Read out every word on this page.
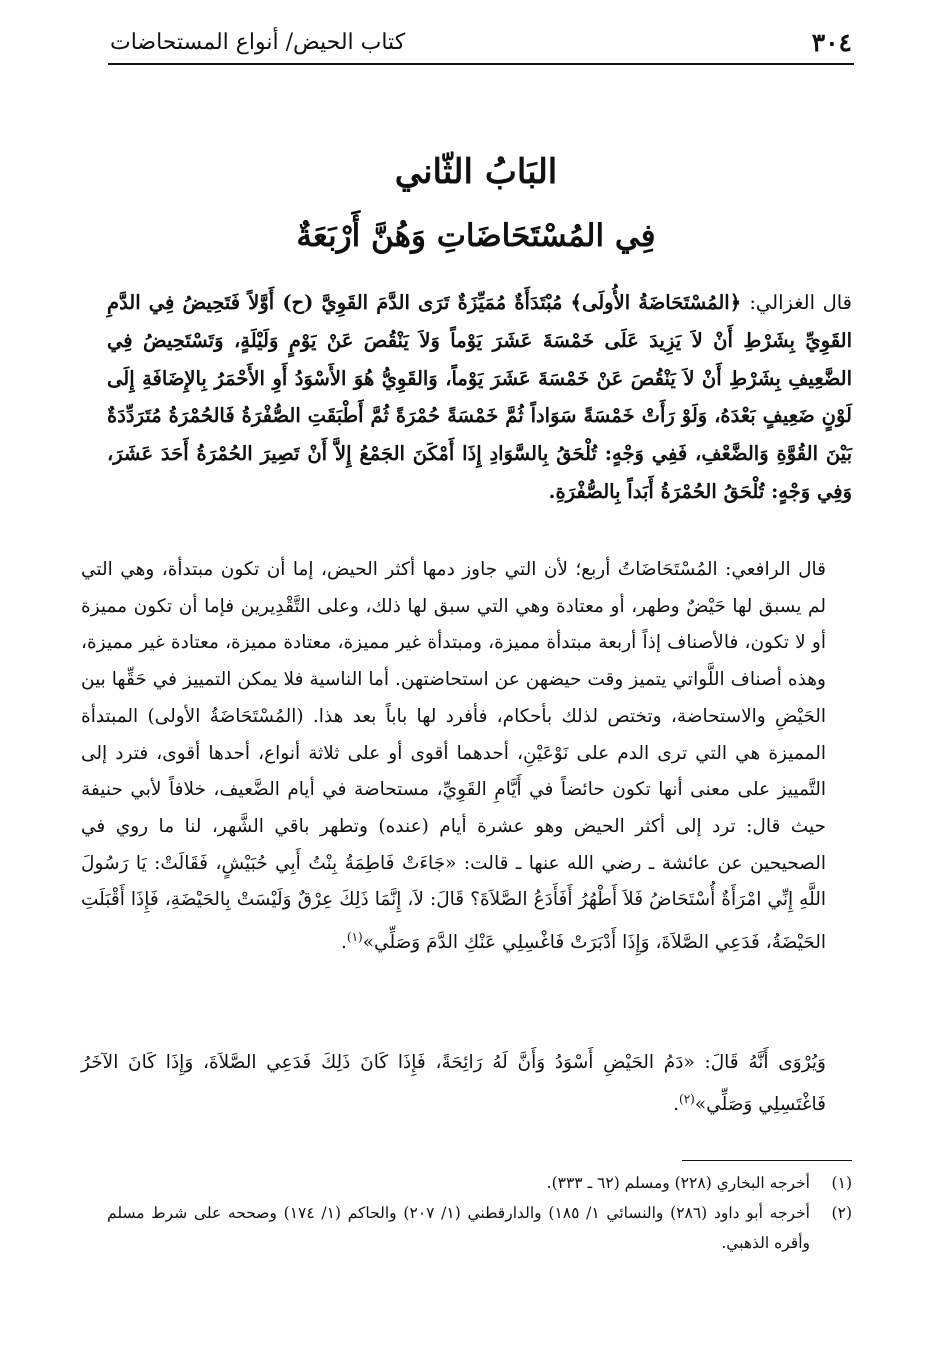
٣٠٤
كتاب الحيض/ أنواع المستحاضات
البَابُ الثّاني
فِي المُسْتَحَاضَاتِ وَهُنَّ أَرْبَعَةٌ
قال الغزالي: ﴿المُسْتَحَاضَةُ الأُولَى﴾ مُبْتَدَأَةٌ مُمَيِّزَةٌ تَرَى الدَّمَ القَوِيَّ (ح) أَوَّلاً فَتَحِيضُ فِي الدَّمِ القَوِيِّ بِشَرْطِ أَنْ لاَ يَزِيدَ عَلَى خَمْسَةَ عَشَرَ يَوْماً وَلاَ يَنْقُصَ عَنْ يَوْمٍ وَلَيْلَةٍ، وَتَسْتَحِيضُ فِي الضَّعِيفِ بِشَرْطِ أَنْ لاَ يَنْقُصَ عَنْ خَمْسَةَ عَشَرَ يَوْماً، وَالقَوِيُّ هُوَ الأَسْوَدُ أَوِ الأَحْمَرُ بِالإِضَافَةِ إِلَى لَوْنٍ ضَعِيفٍ بَعْدَهُ، وَلَوْ رَأَتْ خَمْسَةً سَوَاداً ثُمَّ خَمْسَةً حُمْرَةً ثُمَّ أَطْبَقَتِ الصُّفْرَةُ فَالحُمْرَةُ مُتَرَدِّدَةٌ بَيْنَ القُوَّةِ وَالضَّعْفِ، فَفِي وَجْهٍ: تُلْحَقُ بِالسَّوَادِ إِذَا أَمْكَنَ الجَمْعُ إِلاَّ أَنْ تَصِيرَ الحُمْرَةُ أَحَدَ عَشَرَ، وَفِي وَجْهٍ: تُلْحَقُ الحُمْرَةُ أَبَداً بِالصُّفْرَةِ.
قال الرافعي: المُسْتَحَاضَاتُ أربع؛ لأن التي جاوز دمها أكثر الحيض، إما أن تكون مبتدأة، وهي التي لم يسبق لها حَيْضٌ وطهر، أو معتادة وهي التي سبق لها ذلك، وعلى التَّقْدِيرين فإما أن تكون مميزة أو لا تكون، فالأصناف إذاً أربعة مبتدأة مميزة، ومبتدأة غير مميزة، معتادة مميزة، معتادة غير مميزة، وهذه أصناف اللَّواتي يتميز وقت حيضهن عن استحاضتهن. أما الناسية فلا يمكن التمييز في حَقِّها بين الحَيْضِ والاستحاضة، وتختص لذلك بأحكام، فأفرد لها باباً بعد هذا. (المُسْتَحَاضَةُ الأولى) المبتدأة المميزة هي التي ترى الدم على نَوْعَيْنِ، أحدهما أقوى أو على ثلاثة أنواع، أحدها أقوى، فترد إلى التَّمييز على معنى أنها تكون حائضاً في أَيَّامِ القَوِيِّ، مستحاضة في أيام الضَّعيف، خلافاً لأبي حنيفة حيث قال: ترد إلى أكثر الحيض وهو عشرة أيام (عنده) وتطهر باقي الشَّهر، لنا ما روي في الصحيحين عن عائشة ـ رضي الله عنها ـ قالت: «جَاءَتْ فَاطِمَةُ بِنْتُ أَبِي حُبَيْشٍ، فَقَالَتْ: يَا رَسُولَ اللَّهِ إِنِّي امْرَأَةٌ أُسْتَحَاضُ فَلاَ أَطْهُرُ أَفَأَدَعُ الصَّلاَةَ؟ قَالَ: لاَ، إِنَّمَا ذَلِكَ عِرْقٌ وَلَيْسَتْ بِالحَيْضَةِ، فَإِذَا أَقْبَلَتِ الحَيْضَةُ، فَدَعِي الصَّلاَةَ، وَإِذَا أَدْبَرَتْ فَاغْسِلِي عَنْكِ الدَّمَ وَصَلِّي»$^{(١)}$.
وَيُرْوَى أَنَّهُ قَالَ: «دَمُ الحَيْضِ أَسْوَدُ وَأَنَّ لَهُ رَائِحَةً، فَإِذَا كَانَ ذَلِكَ فَدَعِي الصَّلاَةَ، وَإِذَا كَانَ الآخَرُ فَاغْتَسِلِي وَصَلِّي»$^{(٢)}$.
(١)
أخرجه البخاري (٢٢٨) ومسلم (٦٢ ـ ٣٣٣).
(٢)
أخرجه أبو داود (٢٨٦) والنسائي ١/ ١٨٥) والدارقطني (١/ ٢٠٧) والحاكم (١/ ١٧٤) وصححه على شرط مسلم وأقره الذهبي.
